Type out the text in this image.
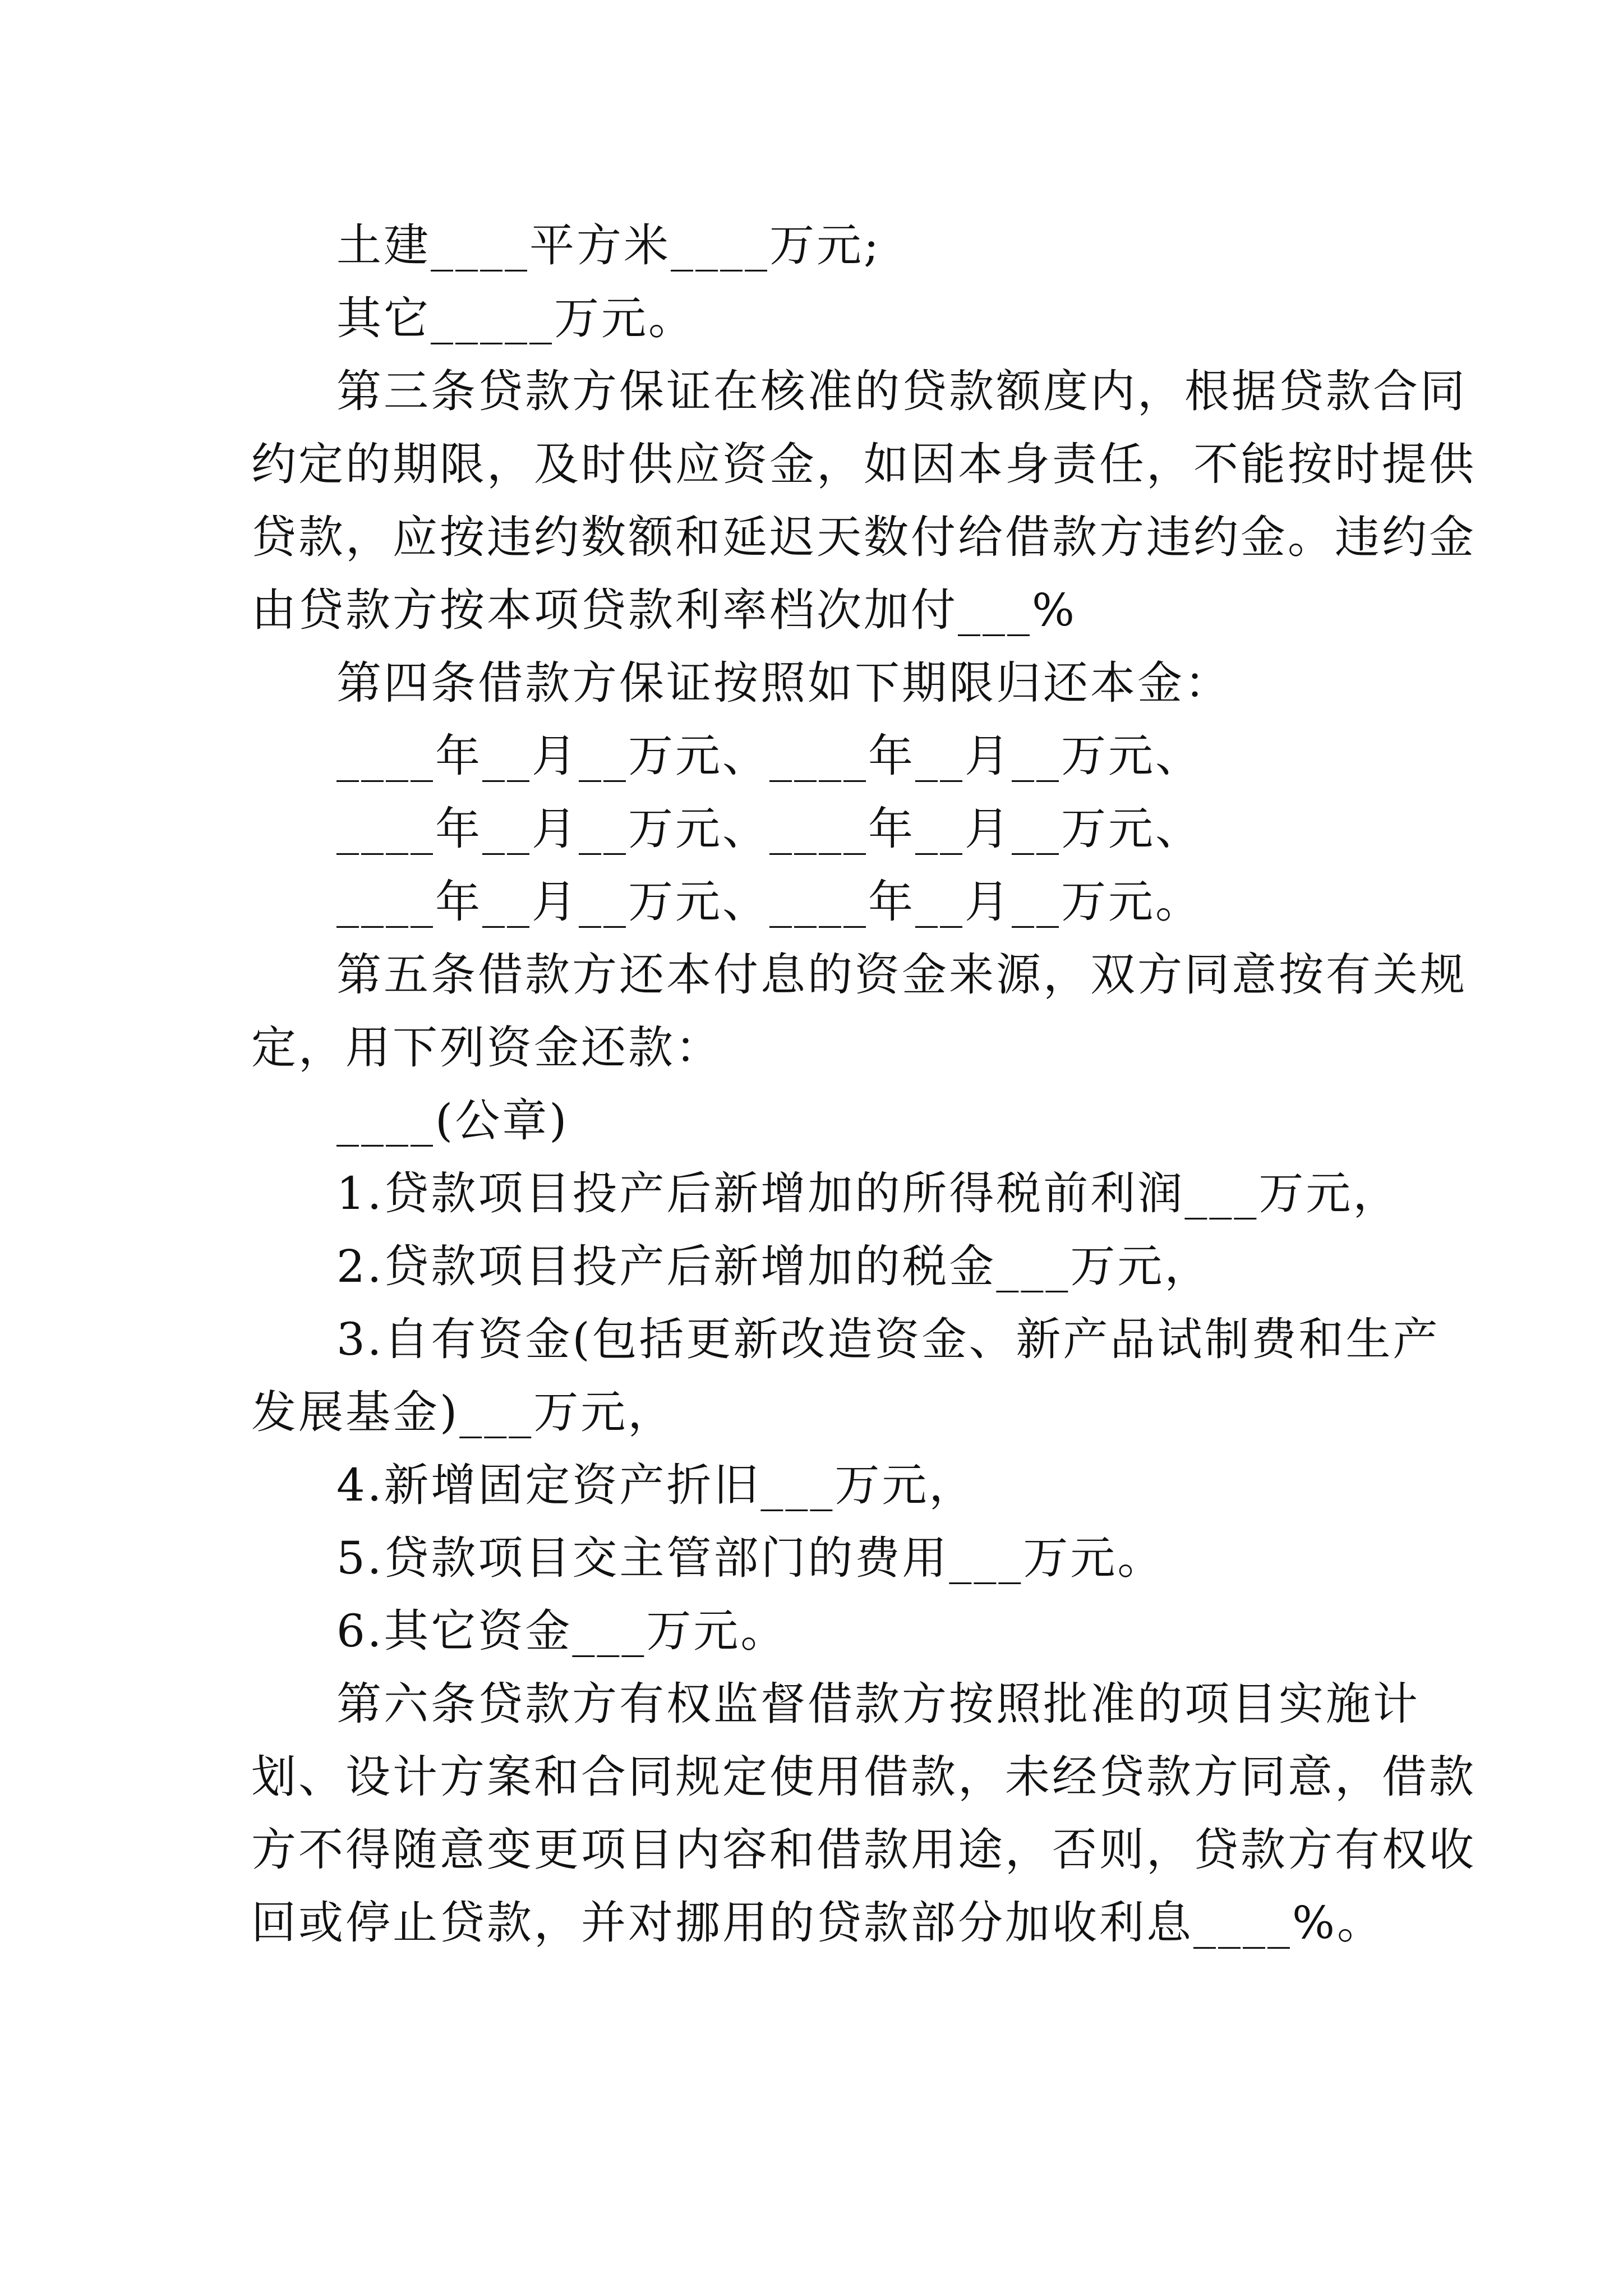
土建____平方米____万元;

其它_____万元。

第三条贷款方保证在核准的贷款额度内，根据贷款合同

约定的期限，及时供应资金，如因本身责任，不能按时提供

贷款，应按违约数额和延迟天数付给借款方违约金。违约金

由贷款方按本项贷款利率档次加付___%

第四条借款方保证按照如下期限归还本金：

____年__月__万元、____年__月__万元、

____年__月__万元、____年__月__万元、

____年__月__万元、____年__月__万元。

第五条借款方还本付息的资金来源，双方同意按有关规

定，用下列资金还款：

____(公章)

1.贷款项目投产后新增加的所得税前利润___万元，

2.贷款项目投产后新增加的税金___万元，

3.自有资金(包括更新改造资金、新产品试制费和生产

发展基金)___万元，

4.新增固定资产折旧___万元，

5.贷款项目交主管部门的费用___万元。

6.其它资金___万元。

第六条贷款方有权监督借款方按照批准的项目实施计

划、设计方案和合同规定使用借款，未经贷款方同意，借款

方不得随意变更项目内容和借款用途，否则，贷款方有权收

回或停止贷款，并对挪用的贷款部分加收利息____%。
